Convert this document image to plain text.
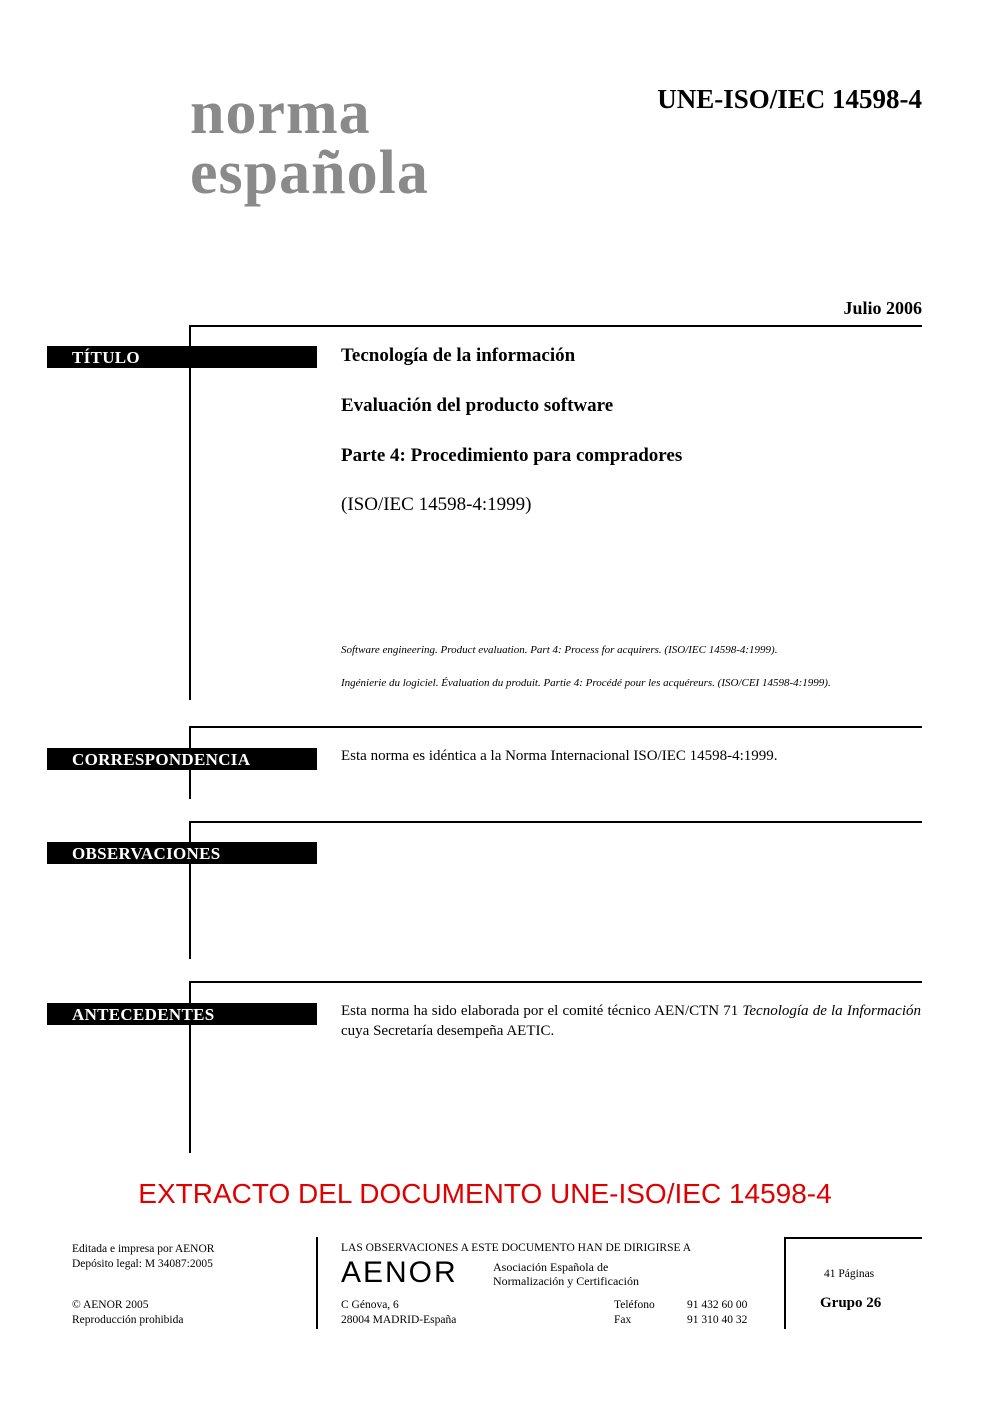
norma
española
UNE-ISO/IEC 14598-4
Julio 2006
TÍTULO	Tecnología de la información
Evaluación del producto software
Parte 4: Procedimiento para compradores
(ISO/IEC 14598-4:1999)
Software engineering. Product evaluation. Part 4: Process for acquirers. (ISO/IEC 14598-4:1999).
Ingénierie du logiciel. Évaluation du produit. Partie 4: Procédé pour les acquéreurs. (ISO/CEI 14598-4:1999).
CORRESPONDENCIA	Esta norma es idéntica a la Norma Internacional ISO/IEC 14598-4:1999.
OBSERVACIONES
ANTECEDENTES	Esta norma ha sido elaborada por el comité técnico AEN/CTN 71 Tecnología de la Información cuya Secretaría desempeña AETIC.
EXTRACTO DEL DOCUMENTO UNE-ISO/IEC 14598-4
Editada e impresa por AENOR
Depósito legal: M 34087:2005
© AENOR 2005
Reproducción prohibida
LAS OBSERVACIONES A ESTE DOCUMENTO HAN DE DIRIGIRSE A
AENOR	Asociación Española de
Normalización y Certificación
C Génova, 6
28004 MADRID-España
Teléfono	91 432 60 00
Fax	91 310 40 32
41 Páginas
Grupo 26
